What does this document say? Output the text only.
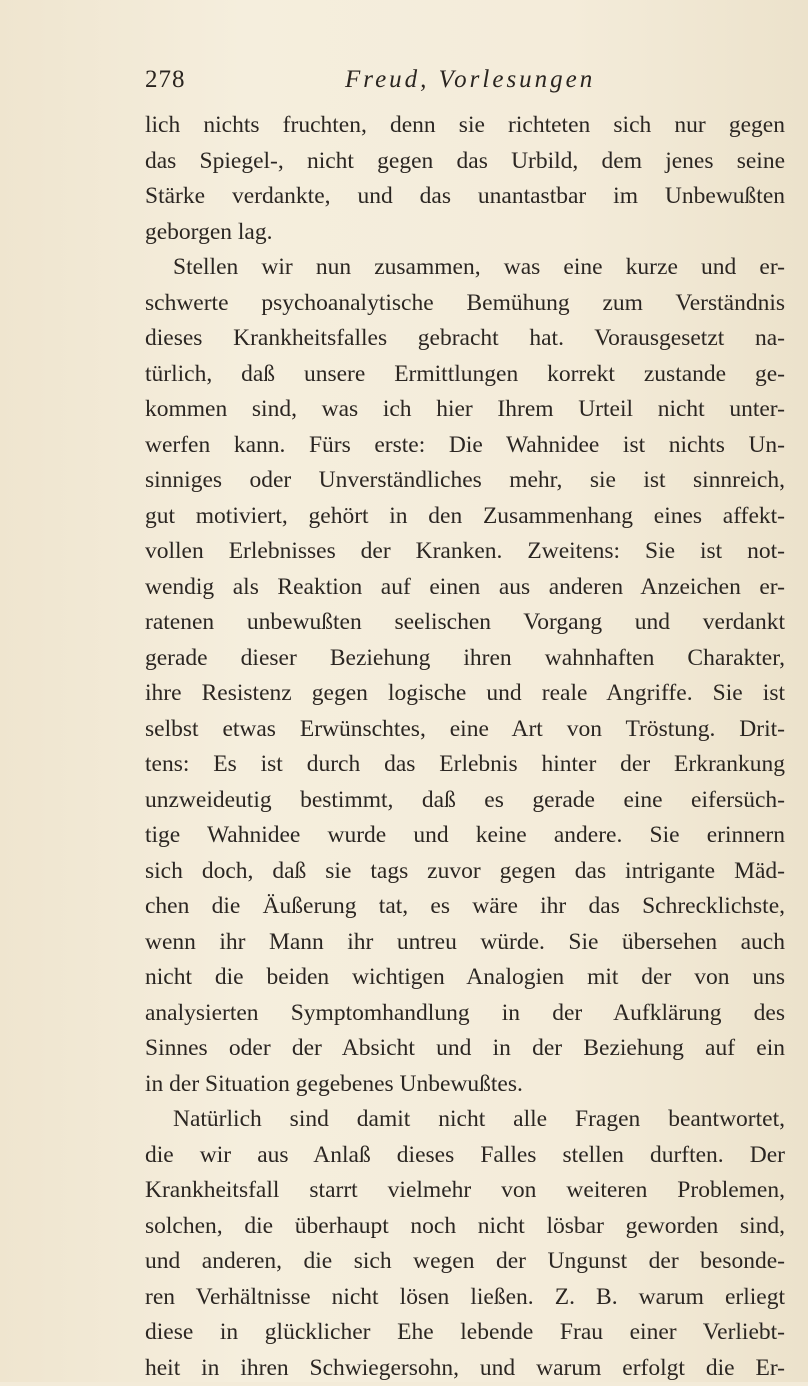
278	Freud, Vorlesungen
lich nichts fruchten, denn sie richteten sich nur gegen
das Spiegel-, nicht gegen das Urbild, dem jenes seine
Stärke verdankte, und das unantastbar im Unbewußten
geborgen lag.
Stellen wir nun zusammen, was eine kurze und er-
schwerte psychoanalytische Bemühung zum Verständnis
dieses Krankheitsfalles gebracht hat. Vorausgesetzt na-
türlich, daß unsere Ermittlungen korrekt zustande ge-
kommen sind, was ich hier Ihrem Urteil nicht unter-
werfen kann. Fürs erste: Die Wahnidee ist nichts Un-
sinniges oder Unverständliches mehr, sie ist sinnreich,
gut motiviert, gehört in den Zusammenhang eines affekt-
vollen Erlebnisses der Kranken. Zweitens: Sie ist not-
wendig als Reaktion auf einen aus anderen Anzeichen er-
ratenen unbewußten seelischen Vorgang und verdankt
gerade dieser Beziehung ihren wahnhaften Charakter,
ihre Resistenz gegen logische und reale Angriffe. Sie ist
selbst etwas Erwünschtes, eine Art von Tröstung. Drit-
tens: Es ist durch das Erlebnis hinter der Erkrankung
unzweideutig bestimmt, daß es gerade eine eifersüch-
tige Wahnidee wurde und keine andere. Sie erinnern
sich doch, daß sie tags zuvor gegen das intrigante Mäd-
chen die Äußerung tat, es wäre ihr das Schrecklichste,
wenn ihr Mann ihr untreu würde. Sie übersehen auch
nicht die beiden wichtigen Analogien mit der von uns
analysierten Symptomhandlung in der Aufklärung des
Sinnes oder der Absicht und in der Beziehung auf ein
in der Situation gegebenes Unbewußtes.
Natürlich sind damit nicht alle Fragen beantwortet,
die wir aus Anlaß dieses Falles stellen durften. Der
Krankheitsfall starrt vielmehr von weiteren Problemen,
solchen, die überhaupt noch nicht lösbar geworden sind,
und anderen, die sich wegen der Ungunst der besonde-
ren Verhältnisse nicht lösen ließen. Z. B. warum erliegt
diese in glücklicher Ehe lebende Frau einer Verliebt-
heit in ihren Schwiegersohn, und warum erfolgt die Er-
